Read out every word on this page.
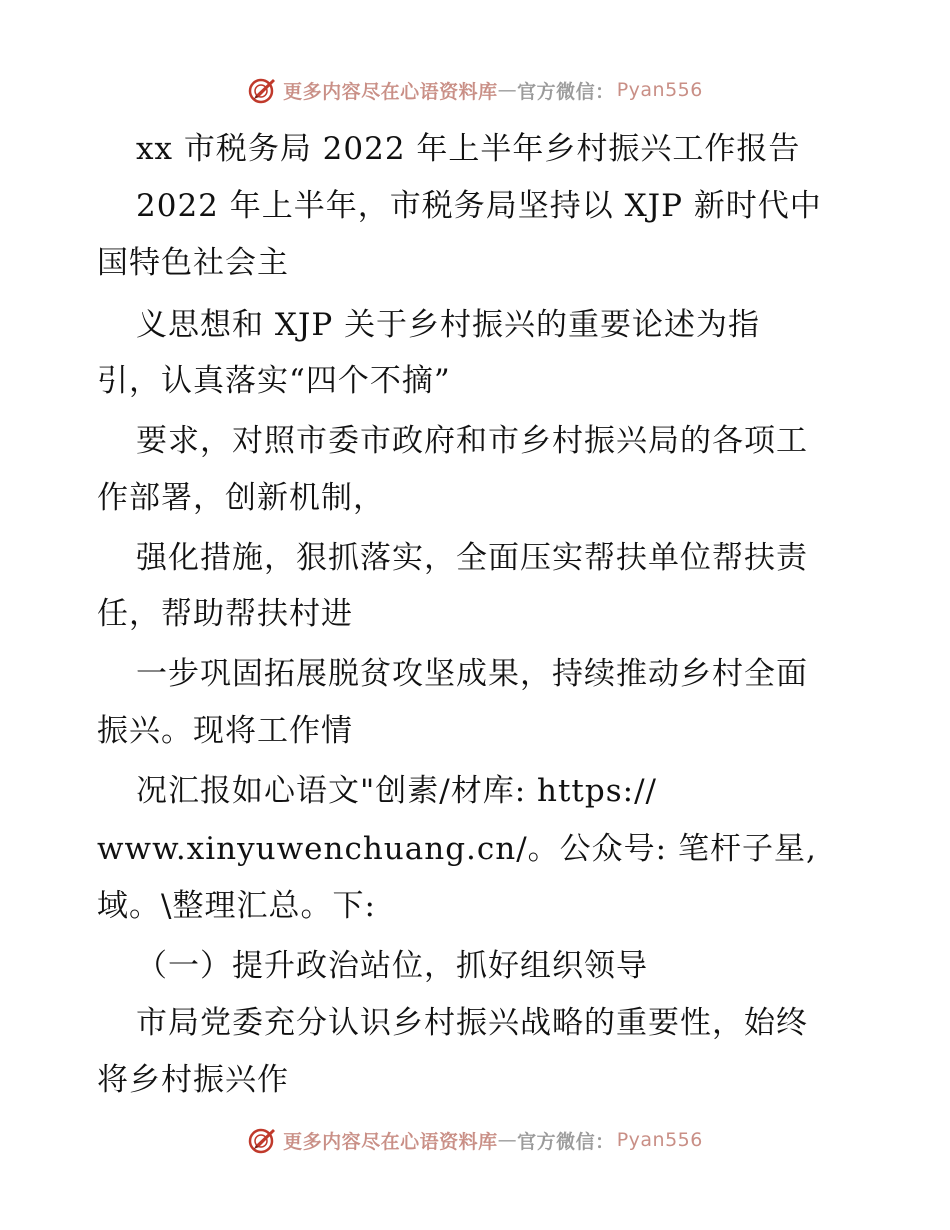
更多内容尽在心语资料库 — 官方微信： Pyan556
xx 市税务局 2022 年上半年乡村振兴工作报告
2022 年上半年，市税务局坚持以 XJP 新时代中
国特色社会主
义思想和 XJP 关于乡村振兴的重要论述为指
引，认真落实“四个不摘”
要求，对照市委市政府和市乡村振兴局的各项工
作部署，创新机制，
强化措施，狠抓落实，全面压实帮扶单位帮扶责
任，帮助帮扶村进
一步巩固拓展脱贫攻坚成果，持续推动乡村全面
振兴。现将工作情
况汇报如心语文"创素/材库: https://
www.xinyuwenchuang.cn/。公众号: 笔杆子星,
域。\整理汇总。下:
（一）提升政治站位，抓好组织领导
市局党委充分认识乡村振兴战略的重要性，始终
将乡村振兴作
更多内容尽在心语资料库 — 官方微信： Pyan556
